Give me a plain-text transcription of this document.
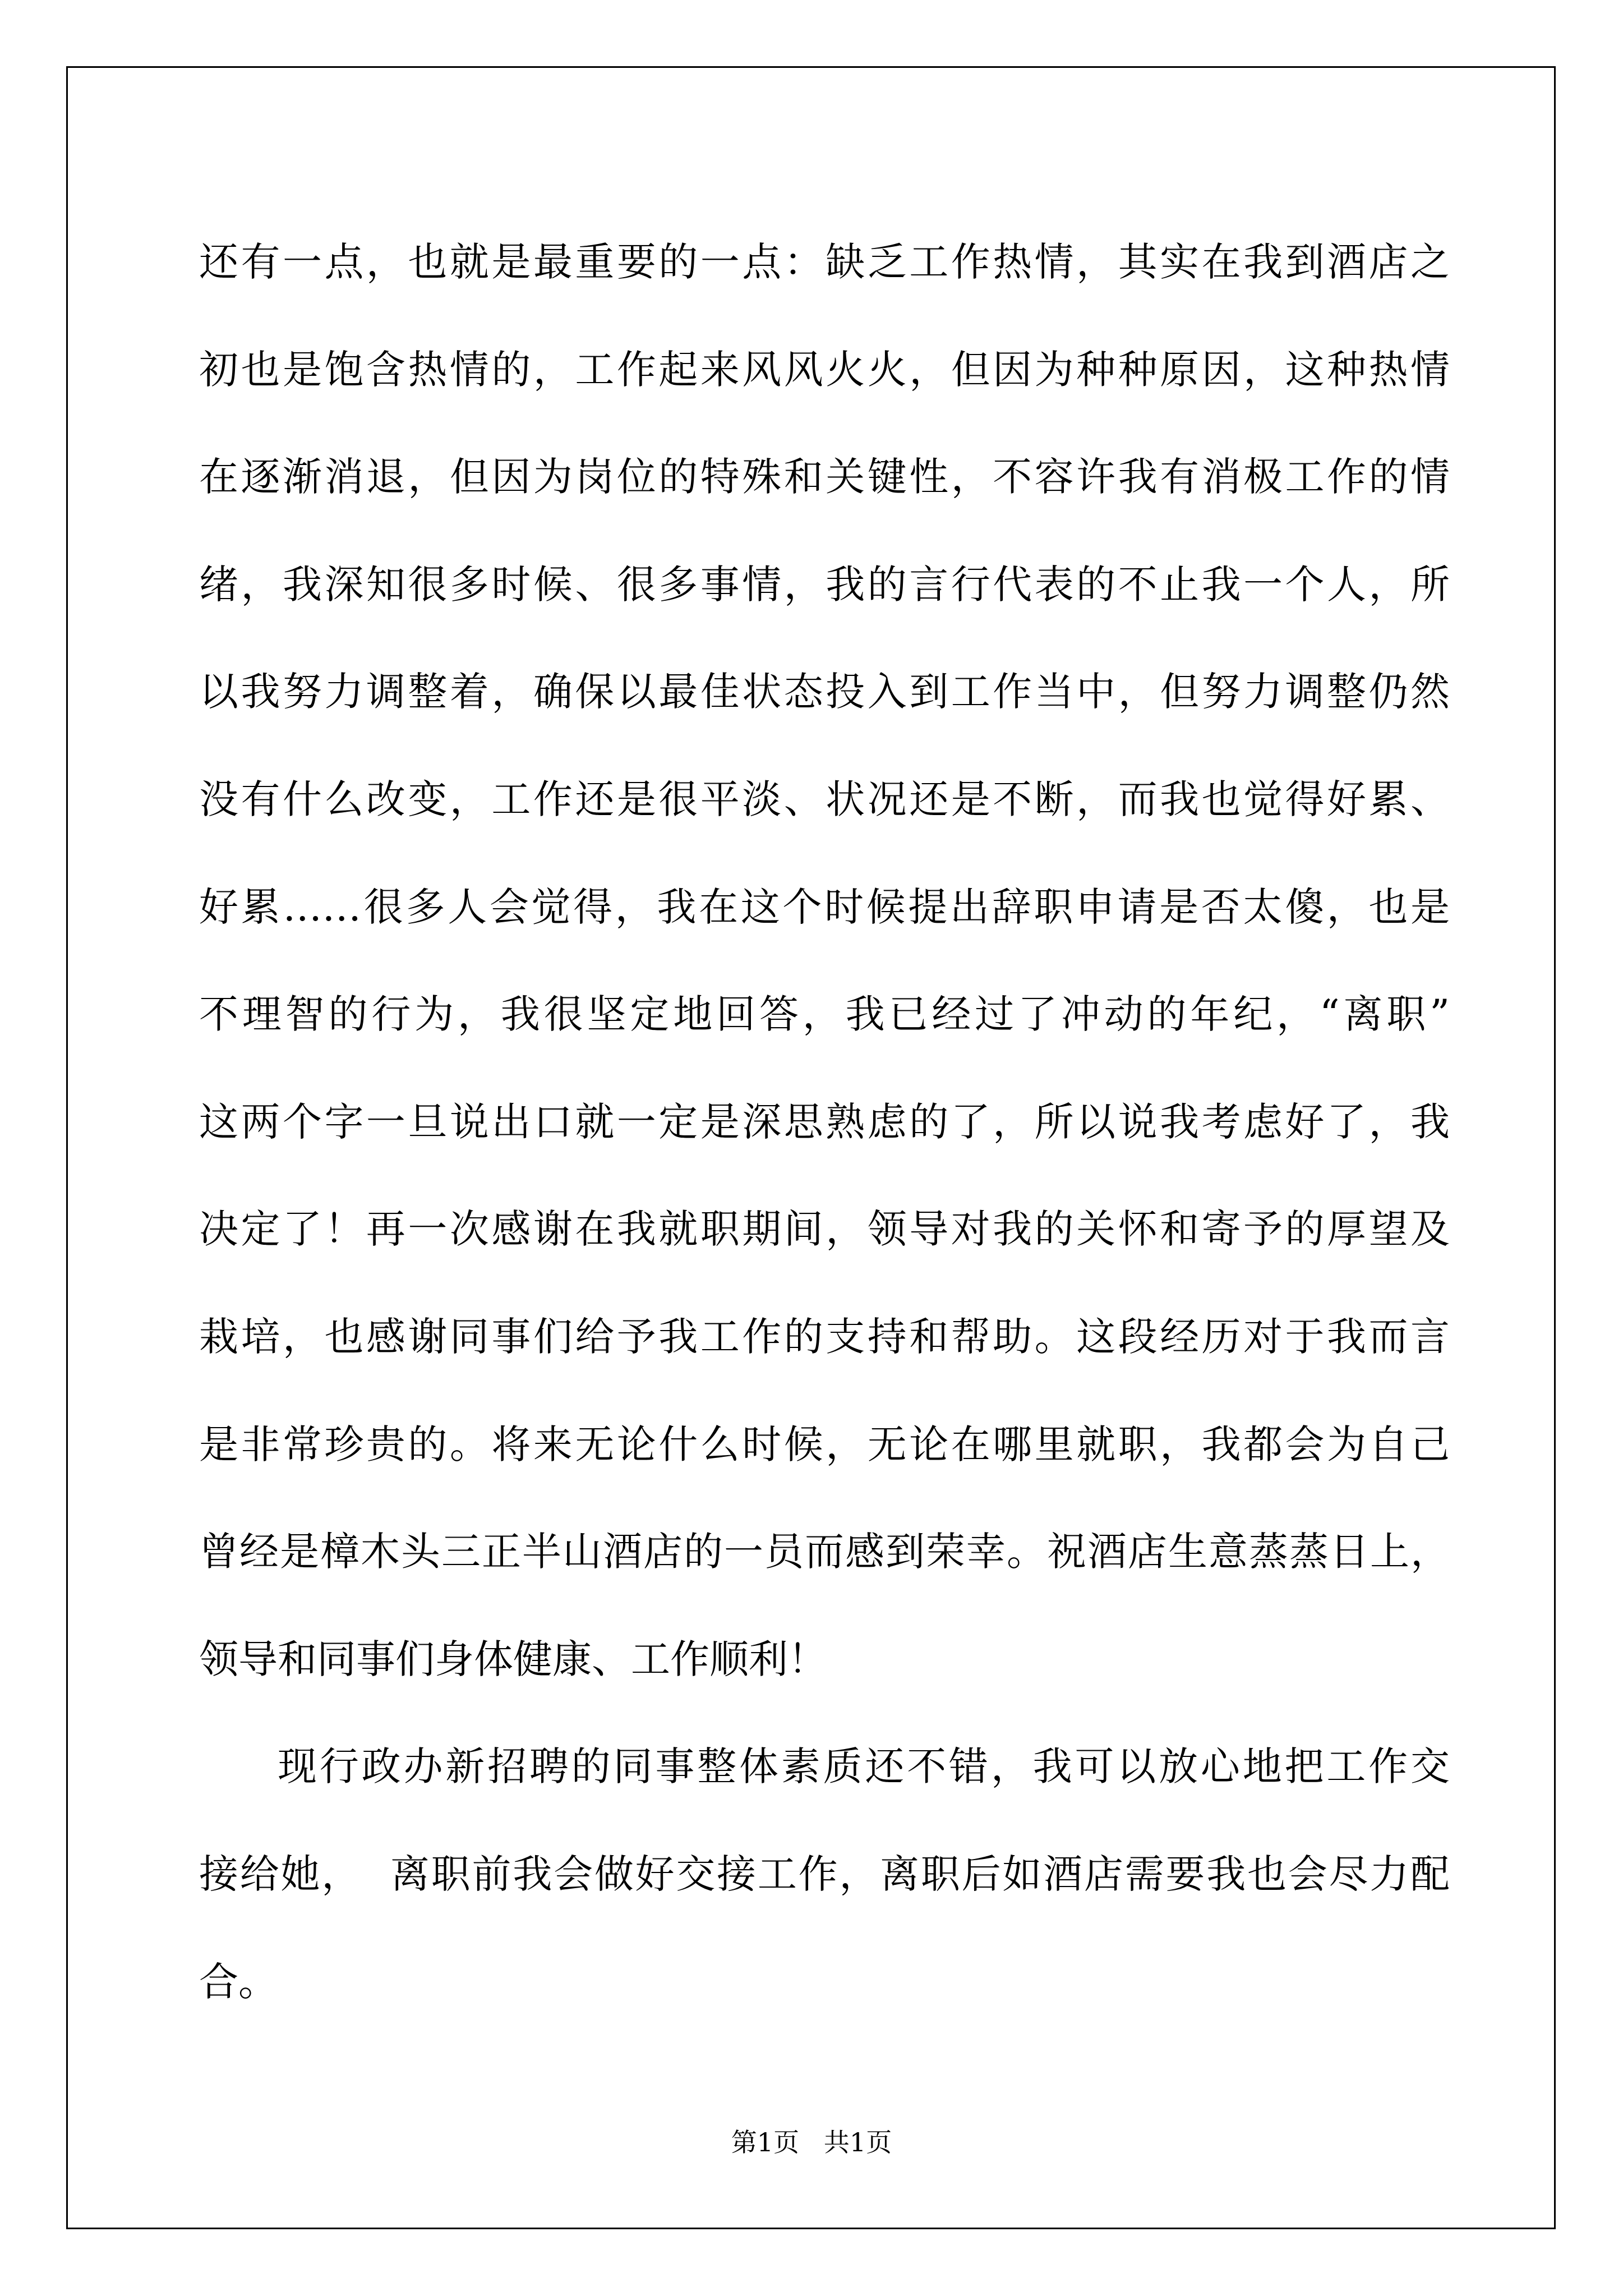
还有一点，也就是最重要的一点：缺乏工作热情，其实在我到酒店之
初也是饱含热情的，工作起来风风火火，但因为种种原因，这种热情
在逐渐消退，但因为岗位的特殊和关键性，不容许我有消极工作的情
绪，我深知很多时候、很多事情，我的言行代表的不止我一个人，所
以我努力调整着，确保以最佳状态投入到工作当中，但努力调整仍然
没有什么改变，工作还是很平淡、状况还是不断，而我也觉得好累、
好累……很多人会觉得，我在这个时候提出辞职申请是否太傻，也是
不理智的行为，我很坚定地回答，我已经过了冲动的年纪，“离职”
这两个字一旦说出口就一定是深思熟虑的了，所以说我考虑好了，我
决定了！再一次感谢在我就职期间，领导对我的关怀和寄予的厚望及
栽培，也感谢同事们给予我工作的支持和帮助。这段经历对于我而言
是非常珍贵的。将来无论什么时候，无论在哪里就职，我都会为自己
曾经是樟木头三正半山酒店的一员而感到荣幸。祝酒店生意蒸蒸日上，
领导和同事们身体健康、工作顺利！
现行政办新招聘的同事整体素质还不错，我可以放心地把工作交
接给她，  离职前我会做好交接工作，离职后如酒店需要我也会尽力配
合。
第1页   共1页
